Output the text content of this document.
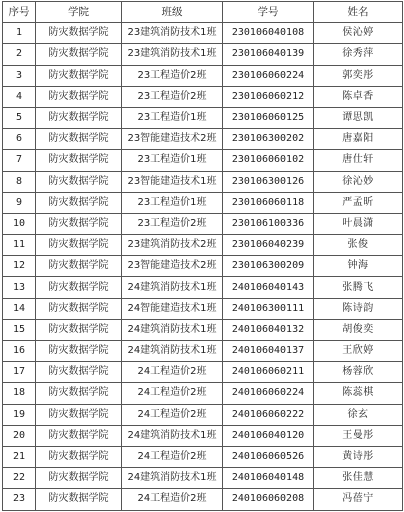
序号	学院	班级	学号	姓名
1	防灾数据学院	23建筑消防技术1班	230106040108	侯沁婷
2	防灾数据学院	23建筑消防技术1班	230106040139	徐秀萍
3	防灾数据学院	23工程造价2班	230106060224	郭奕彤
4	防灾数据学院	23工程造价2班	230106060212	陈卓香
5	防灾数据学院	23工程造价1班	230106060125	谭思凯
6	防灾数据学院	23智能建造技术2班	230106300202	唐嘉阳
7	防灾数据学院	23工程造价1班	230106060102	唐仕轩
8	防灾数据学院	23智能建造技术1班	230106300126	徐沁妙
9	防灾数据学院	23工程造价1班	230106060118	严孟昕
10	防灾数据学院	23工程造价2班	230106100336	叶晨潇
11	防灾数据学院	23建筑消防技术2班	230106040239	张俊
12	防灾数据学院	23智能建造技术2班	230106300209	钟海
13	防灾数据学院	24建筑消防技术1班	240106040143	张腾飞
14	防灾数据学院	24智能建造技术1班	240106300111	陈诗韵
15	防灾数据学院	24建筑消防技术1班	240106040132	胡俊奕
16	防灾数据学院	24建筑消防技术1班	240106040137	王欣婷
17	防灾数据学院	24工程造价2班	240106060211	杨蓉欣
18	防灾数据学院	24工程造价2班	240106060224	陈蕊棋
19	防灾数据学院	24工程造价2班	240106060222	徐玄
20	防灾数据学院	24建筑消防技术1班	240106040120	王曼彤
21	防灾数据学院	24工程造价2班	240106060526	黄诗彤
22	防灾数据学院	24建筑消防技术1班	240106040148	张佳慧
23	防灾数据学院	24工程造价2班	240106060208	冯蓓宁
